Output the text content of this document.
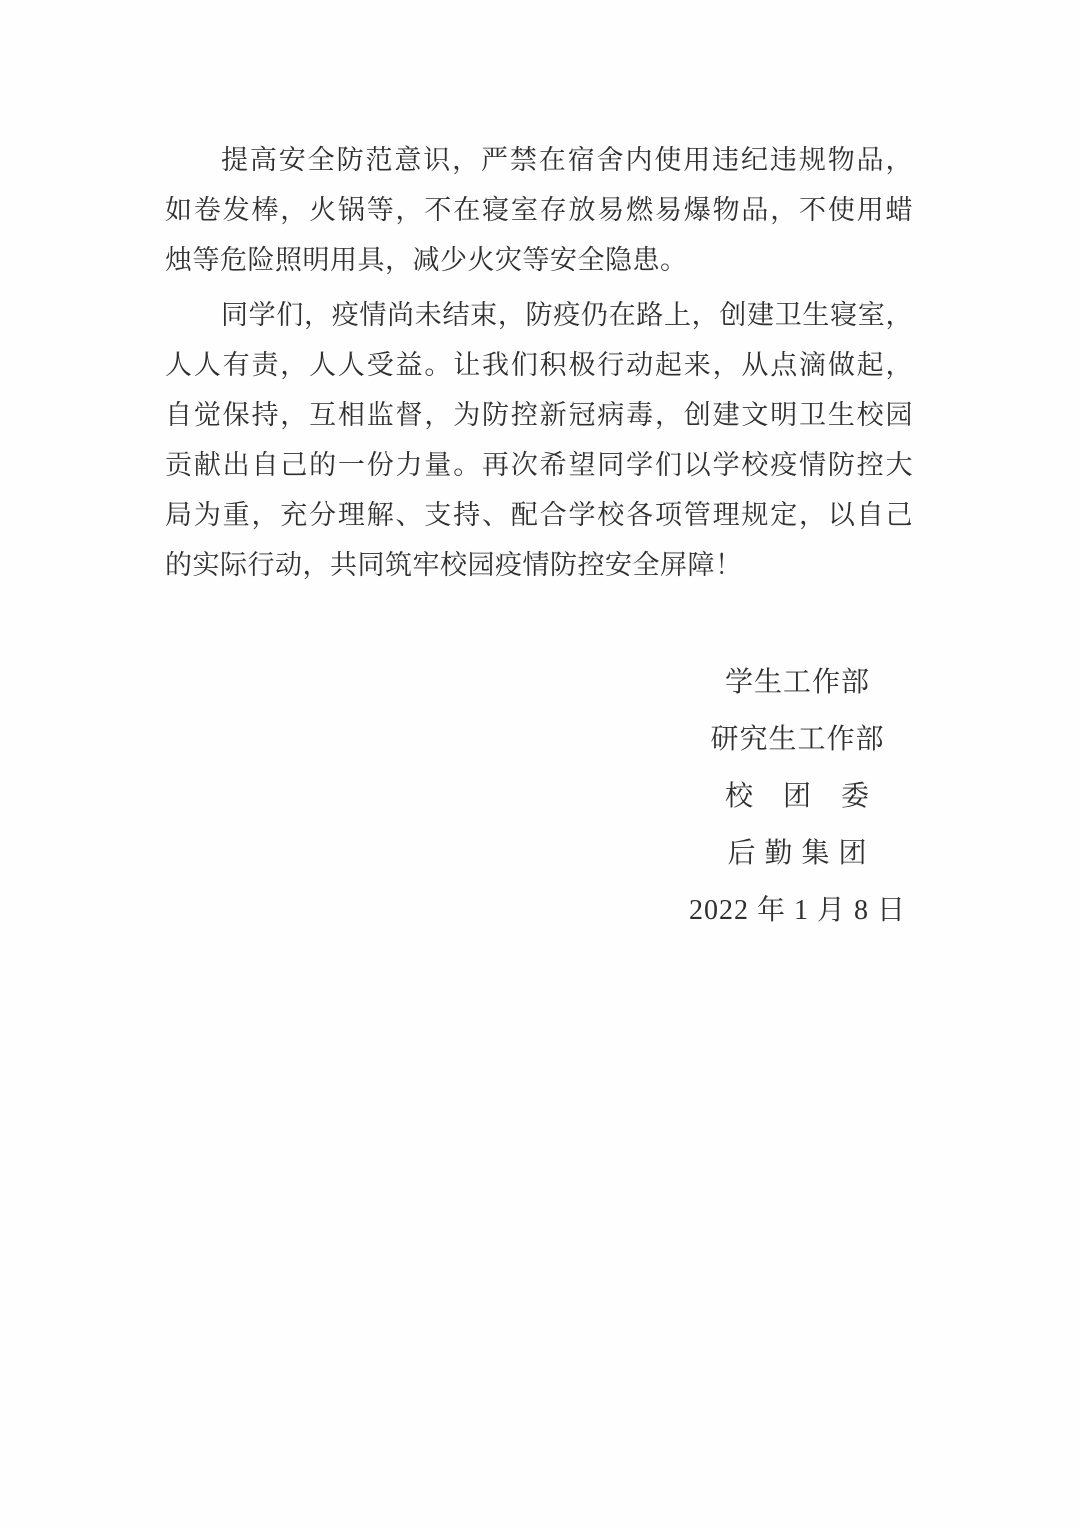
提高安全防范意识，严禁在宿舍内使用违纪违规物品，
如卷发棒，火锅等，不在寝室存放易燃易爆物品，不使用蜡
烛等危险照明用具，减少火灾等安全隐患。
同学们，疫情尚未结束，防疫仍在路上，创建卫生寝室，
人人有责，人人受益。让我们积极行动起来，从点滴做起，
自觉保持，互相监督，为防控新冠病毒，创建文明卫生校园
贡献出自己的一份力量。再次希望同学们以学校疫情防控大
局为重，充分理解、支持、配合学校各项管理规定，以自己
的实际行动，共同筑牢校园疫情防控安全屏障！
学生工作部
研究生工作部
校　团　委
后 勤 集 团
2022 年 1 月 8 日
